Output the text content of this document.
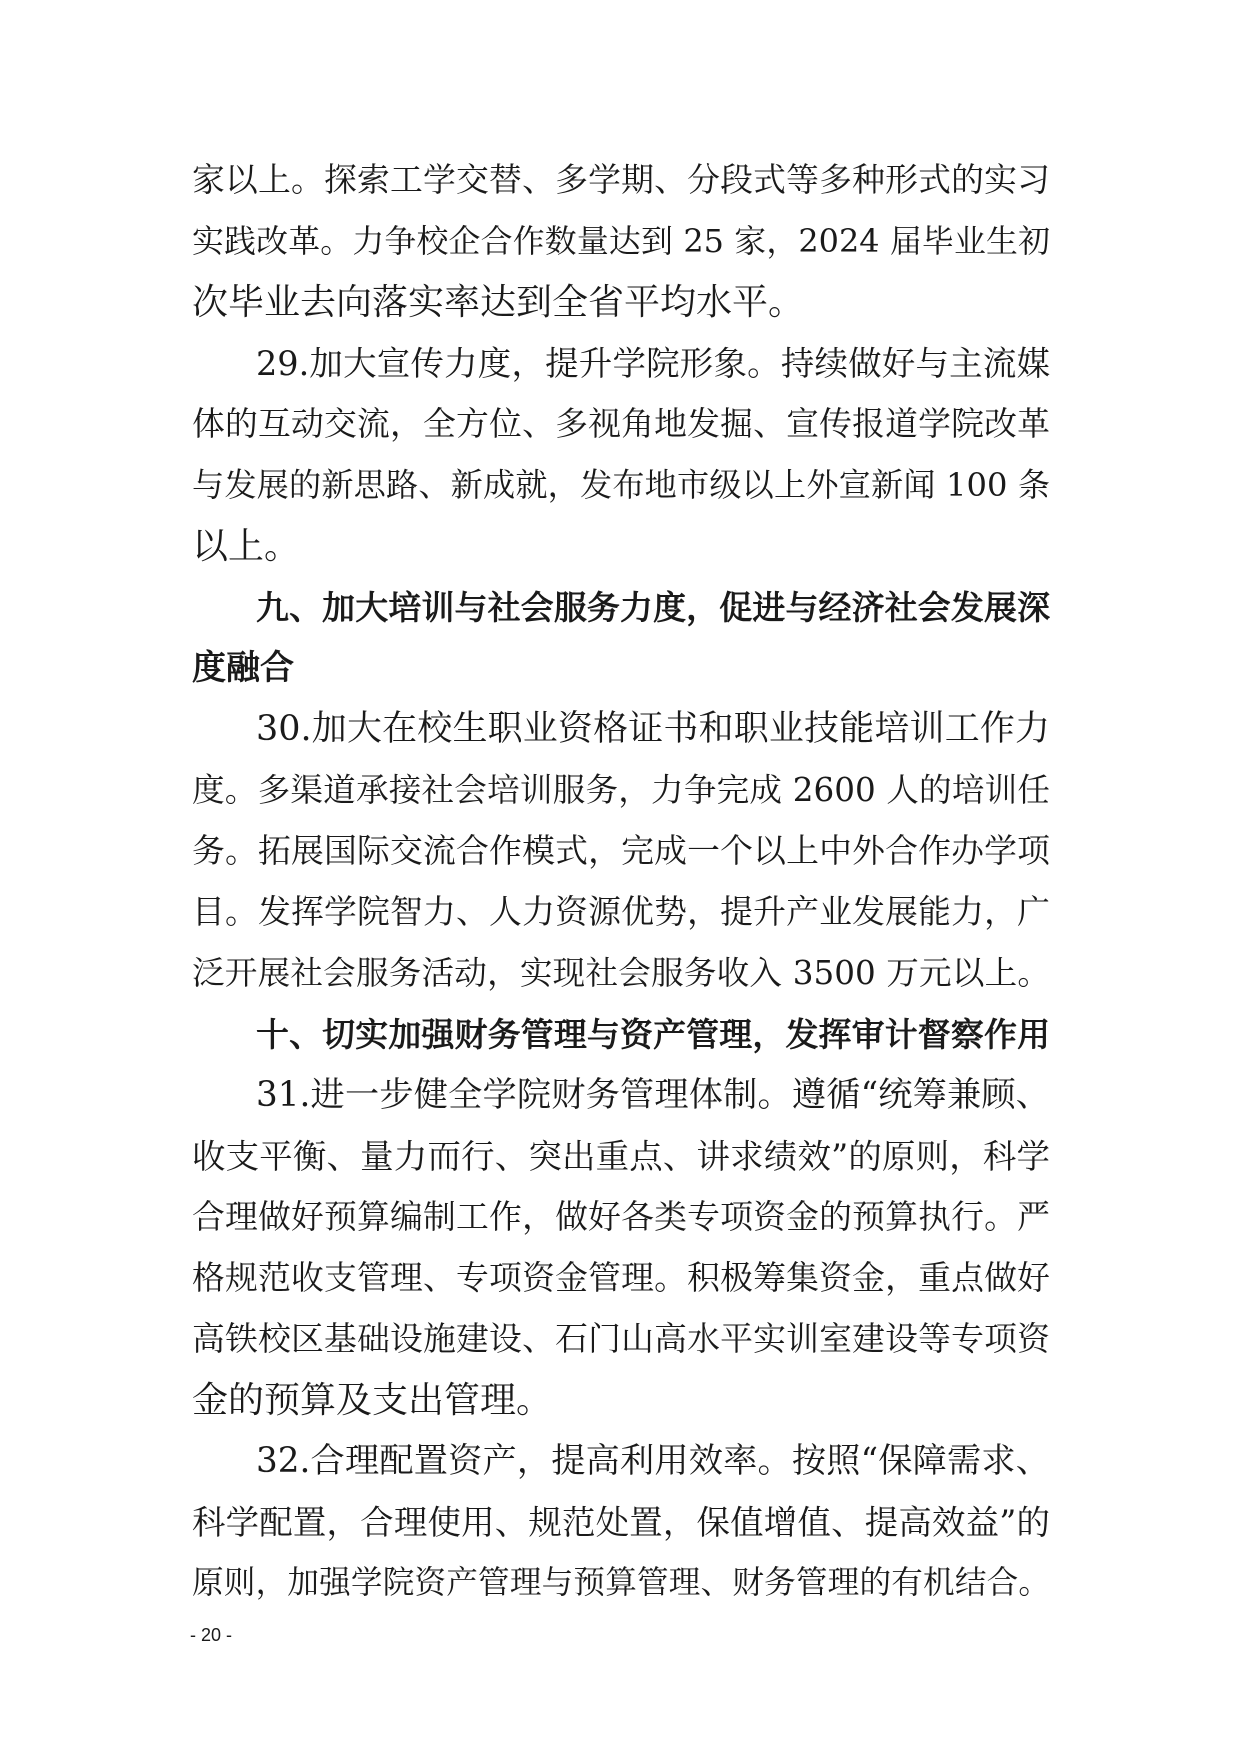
家以上。探索工学交替、多学期、分段式等多种形式的实习
实践改革。力争校企合作数量达到 25 家，2024 届毕业生初
次毕业去向落实率达到全省平均水平。
29.加大宣传力度，提升学院形象。持续做好与主流媒
体的互动交流，全方位、多视角地发掘、宣传报道学院改革
与发展的新思路、新成就，发布地市级以上外宣新闻 100 条
以上。
九、加大培训与社会服务力度，促进与经济社会发展深
度融合
30.加大在校生职业资格证书和职业技能培训工作力
度。多渠道承接社会培训服务，力争完成 2600 人的培训任
务。拓展国际交流合作模式，完成一个以上中外合作办学项
目。发挥学院智力、人力资源优势，提升产业发展能力，广
泛开展社会服务活动，实现社会服务收入 3500 万元以上。
十、切实加强财务管理与资产管理，发挥审计督察作用
31.进一步健全学院财务管理体制。遵循“统筹兼顾、
收支平衡、量力而行、突出重点、讲求绩效”的原则，科学
合理做好预算编制工作，做好各类专项资金的预算执行。严
格规范收支管理、专项资金管理。积极筹集资金，重点做好
高铁校区基础设施建设、石门山高水平实训室建设等专项资
金的预算及支出管理。
32.合理配置资产，提高利用效率。按照“保障需求、
科学配置，合理使用、规范处置，保值增值、提高效益”的
原则，加强学院资产管理与预算管理、财务管理的有机结合。
- 20 -
